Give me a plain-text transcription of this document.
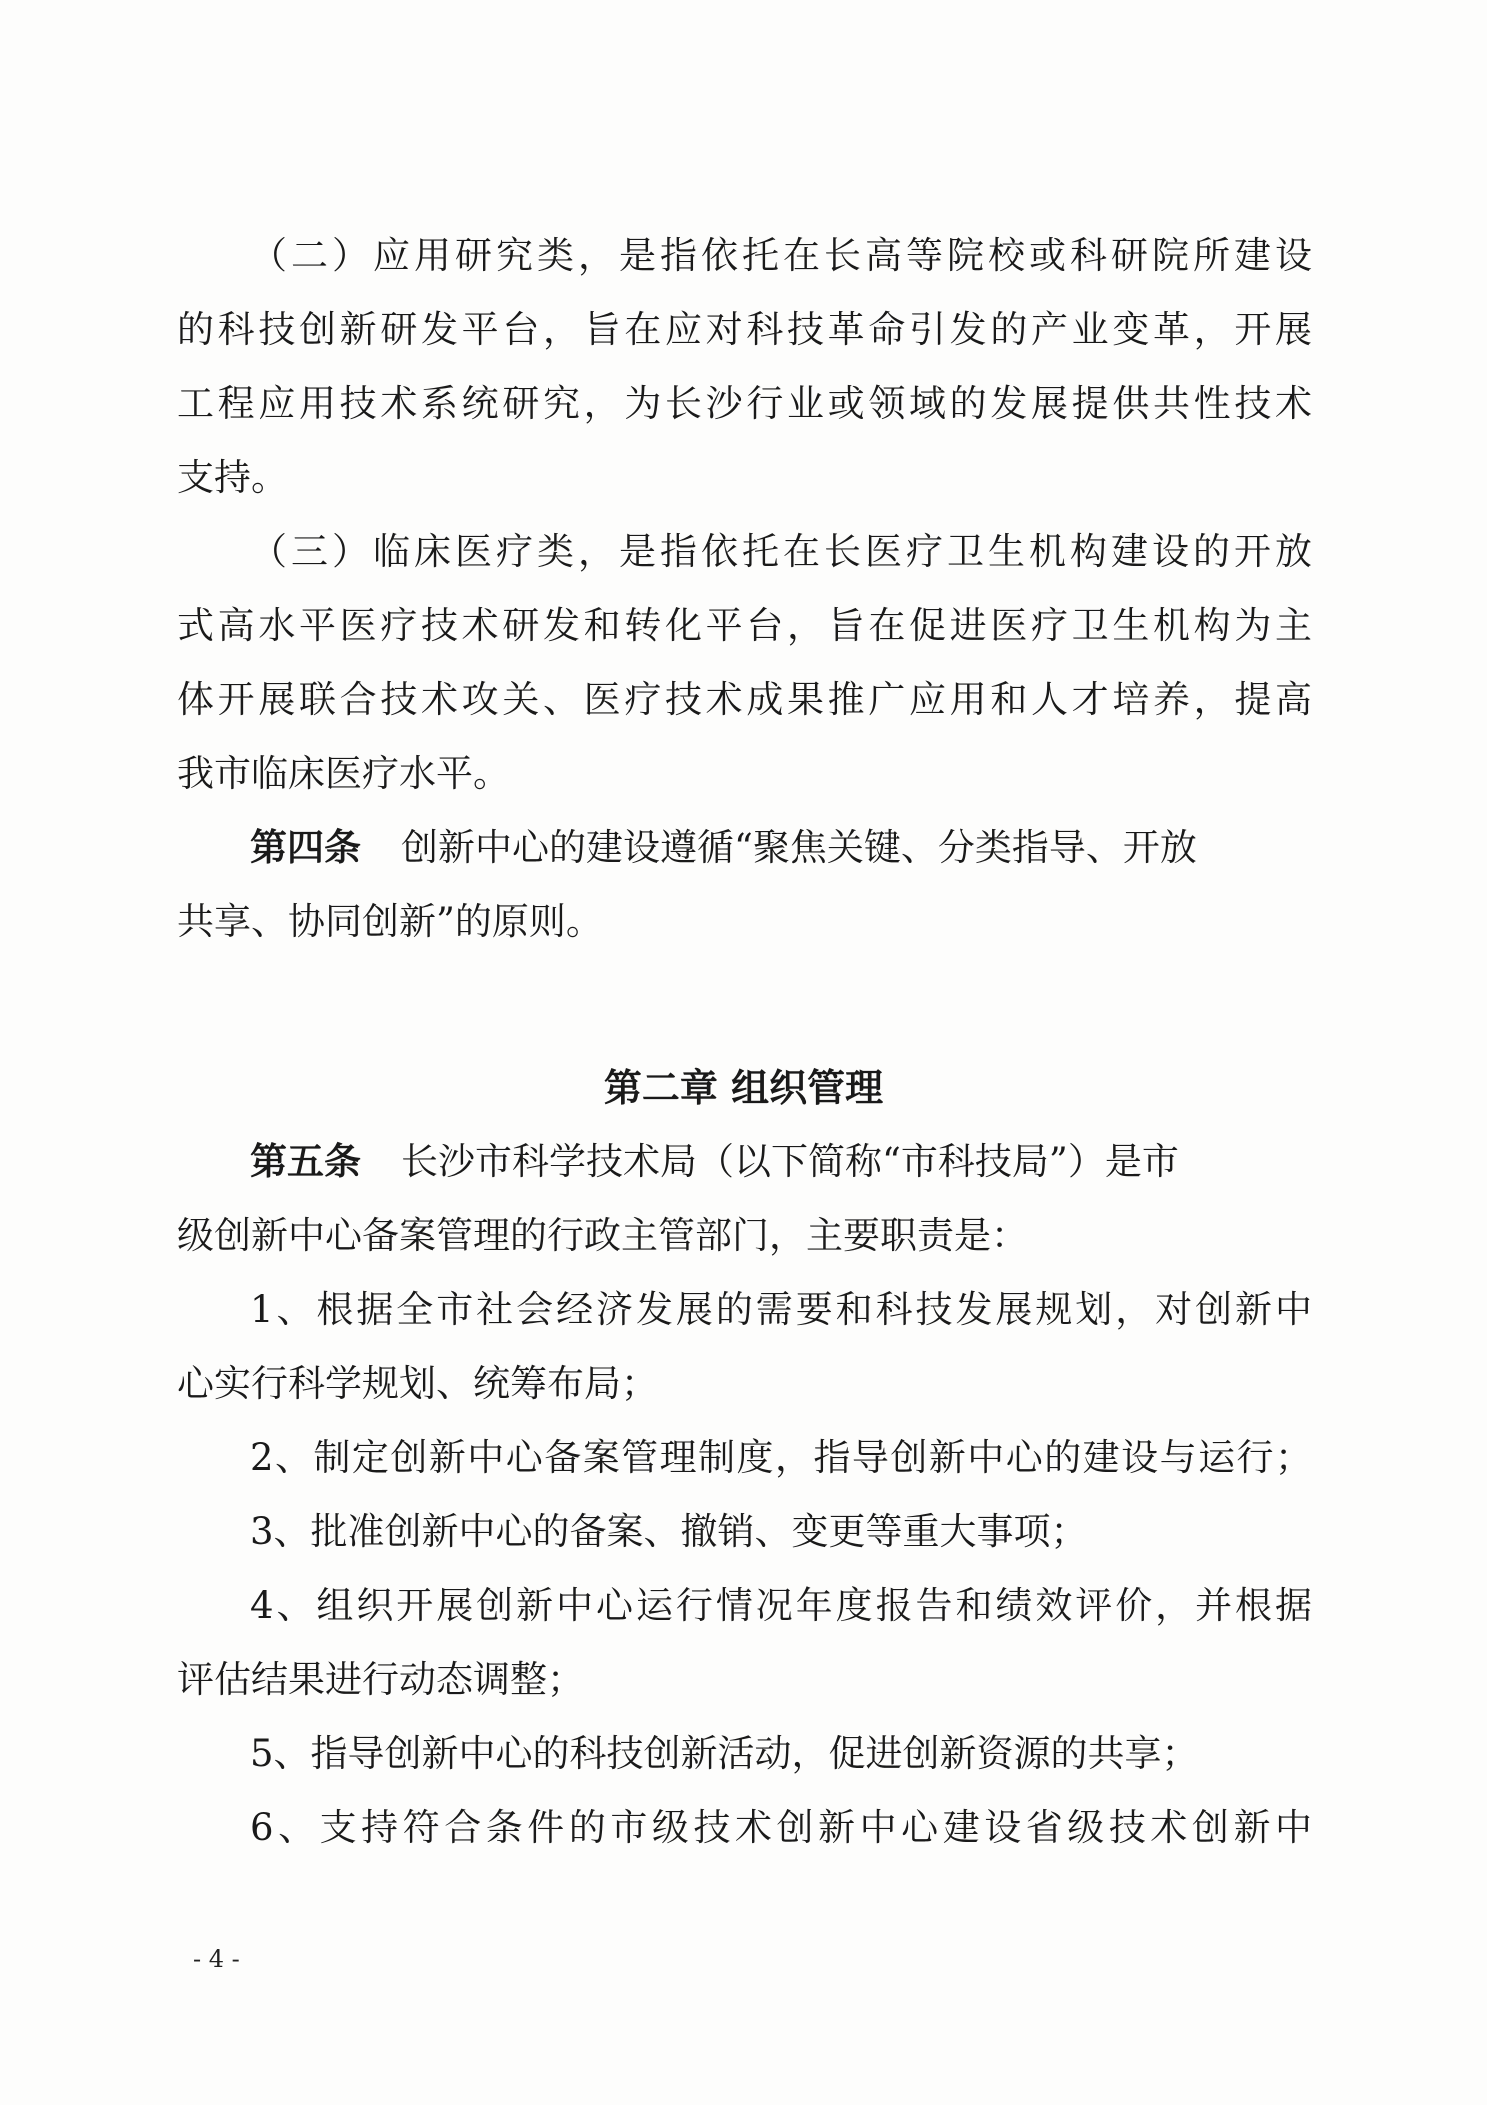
（二）应用研究类，是指依托在长高等院校或科研院所建设
的科技创新研发平台，旨在应对科技革命引发的产业变革，开展
工程应用技术系统研究，为长沙行业或领域的发展提供共性技术
支持。
（三）临床医疗类，是指依托在长医疗卫生机构建设的开放
式高水平医疗技术研发和转化平台，旨在促进医疗卫生机构为主
体开展联合技术攻关、医疗技术成果推广应用和人才培养，提高
我市临床医疗水平。
第四条 创新中心的建设遵循“聚焦关键、分类指导、开放
共享、协同创新”的原则。
第二章 组织管理
第五条 长沙市科学技术局（以下简称“市科技局”）是市
级创新中心备案管理的行政主管部门，主要职责是：
1、根据全市社会经济发展的需要和科技发展规划，对创新中
心实行科学规划、统筹布局；
2、制定创新中心备案管理制度，指导创新中心的建设与运行；
3、批准创新中心的备案、撤销、变更等重大事项；
4、组织开展创新中心运行情况年度报告和绩效评价，并根据
评估结果进行动态调整；
5、指导创新中心的科技创新活动，促进创新资源的共享；
6、支持符合条件的市级技术创新中心建设省级技术创新中
- 4 -
